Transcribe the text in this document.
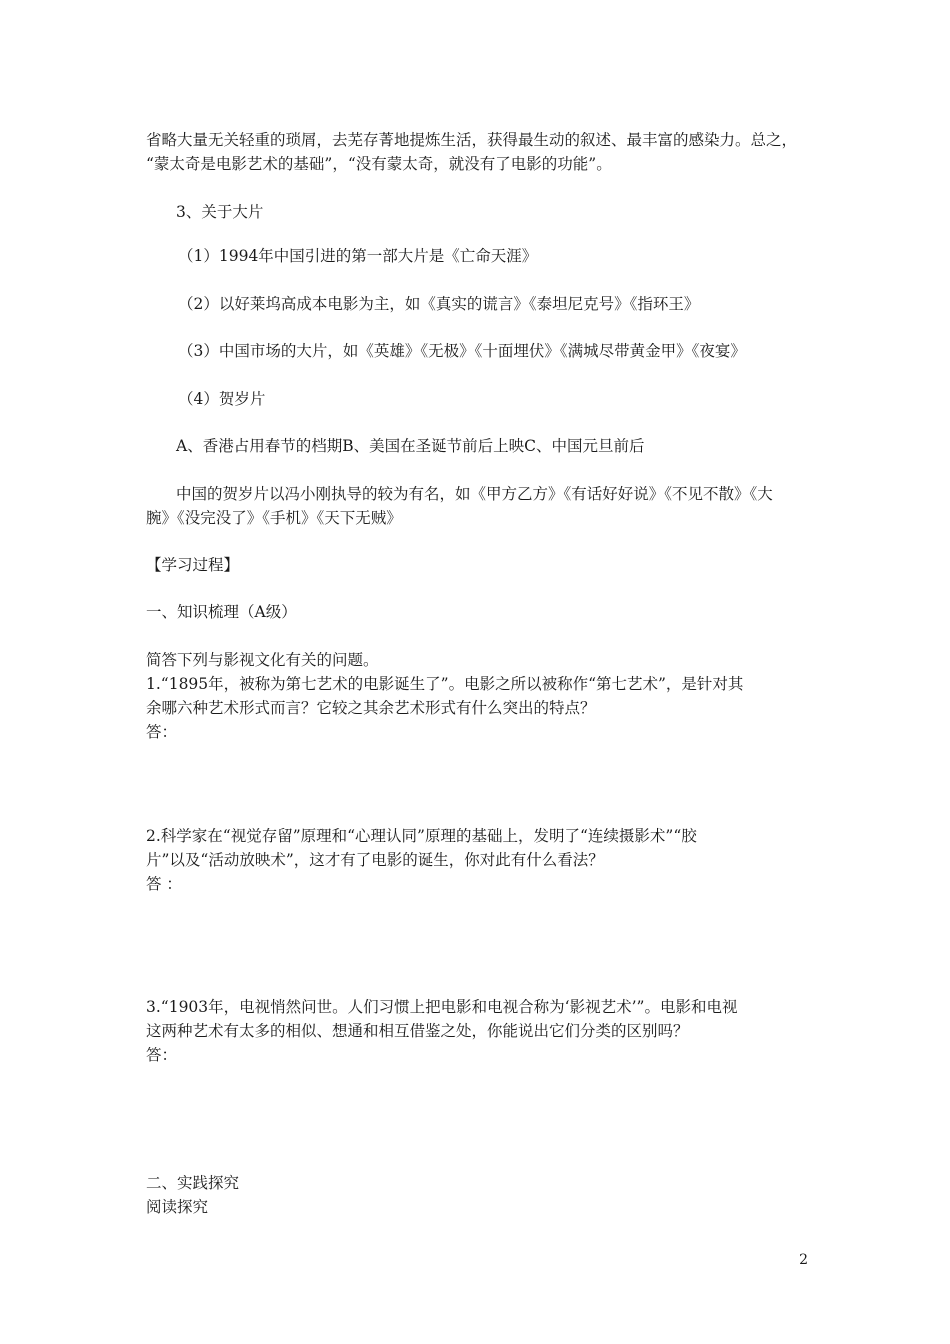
省略大量无关轻重的琐屑，去芜存菁地提炼生活，获得最生动的叙述、最丰富的感染力。总之，
“蒙太奇是电影艺术的基础”，“没有蒙太奇，就没有了电影的功能”。
3、关于大片
（1）1994年中国引进的第一部大片是《亡命天涯》
（2）以好莱坞高成本电影为主，如《真实的谎言》《泰坦尼克号》《指环王》
（3）中国市场的大片，如《英雄》《无极》《十面埋伏》《满城尽带黄金甲》《夜宴》
（4）贺岁片
A、香港占用春节的档期B、美国在圣诞节前后上映C、中国元旦前后
中国的贺岁片以冯小刚执导的较为有名，如《甲方乙方》《有话好好说》《不见不散》《大
腕》《没完没了》《手机》《天下无贼》
【学习过程】
一、知识梳理（A级）
简答下列与影视文化有关的问题。
1.“1895年，被称为第七艺术的电影诞生了”。电影之所以被称作“第七艺术”，是针对其
余哪六种艺术形式而言？它较之其余艺术形式有什么突出的特点？
答：
2.科学家在“视觉存留”原理和“心理认同”原理的基础上，发明了“连续摄影术”“胶
片”以及“活动放映术”，这才有了电影的诞生，你对此有什么看法？
答 ：
3.“1903年，电视悄然问世。人们习惯上把电影和电视合称为‘影视艺术’”。电影和电视
这两种艺术有太多的相似、想通和相互借鉴之处，你能说出它们分类的区别吗？
答：
二、实践探究
阅读探究
2
